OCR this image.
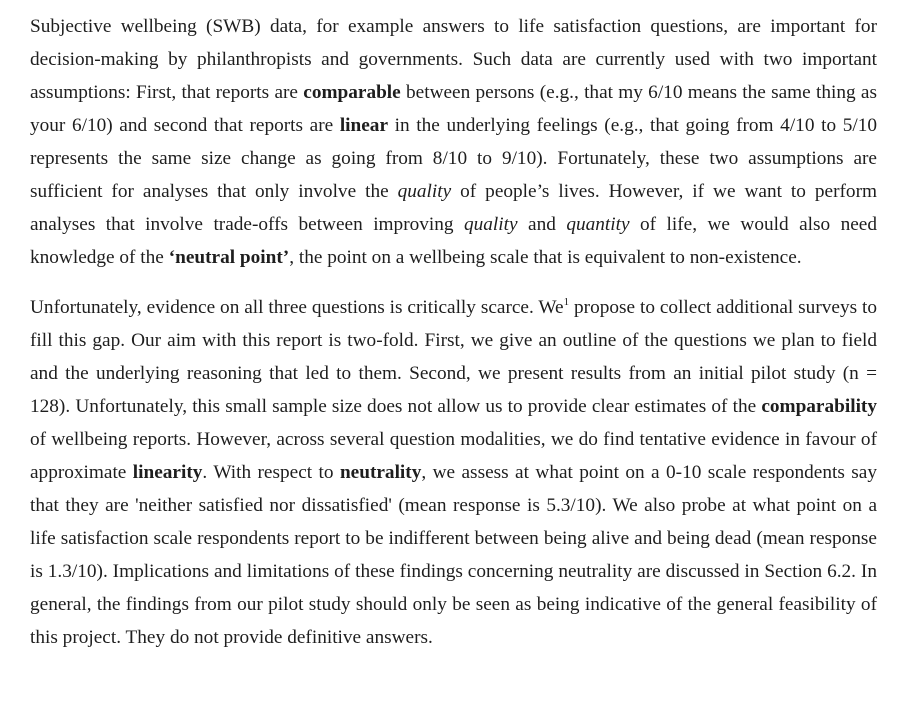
Subjective wellbeing (SWB) data, for example answers to life satisfaction questions, are important for decision-making by philanthropists and governments. Such data are currently used with two important assumptions: First, that reports are comparable between persons (e.g., that my 6/10 means the same thing as your 6/10) and second that reports are linear in the underlying feelings (e.g., that going from 4/10 to 5/10 represents the same size change as going from 8/10 to 9/10). Fortunately, these two assumptions are sufficient for analyses that only involve the quality of people’s lives. However, if we want to perform analyses that involve trade-offs between improving quality and quantity of life, we would also need knowledge of the ‘neutral point’, the point on a wellbeing scale that is equivalent to non-existence.

Unfortunately, evidence on all three questions is critically scarce. We$^1$ propose to collect additional surveys to fill this gap. Our aim with this report is two-fold. First, we give an outline of the questions we plan to field and the underlying reasoning that led to them. Second, we present results from an initial pilot study (n = 128). Unfortunately, this small sample size does not allow us to provide clear estimates of the comparability of wellbeing reports. However, across several question modalities, we do find tentative evidence in favour of approximate linearity. With respect to neutrality, we assess at what point on a 0-10 scale respondents say that they are 'neither satisfied nor dissatisfied' (mean response is 5.3/10). We also probe at what point on a life satisfaction scale respondents report to be indifferent between being alive and being dead (mean response is 1.3/10). Implications and limitations of these findings concerning neutrality are discussed in Section 6.2. In general, the findings from our pilot study should only be seen as being indicative of the general feasibility of this project. They do not provide definitive answers.
